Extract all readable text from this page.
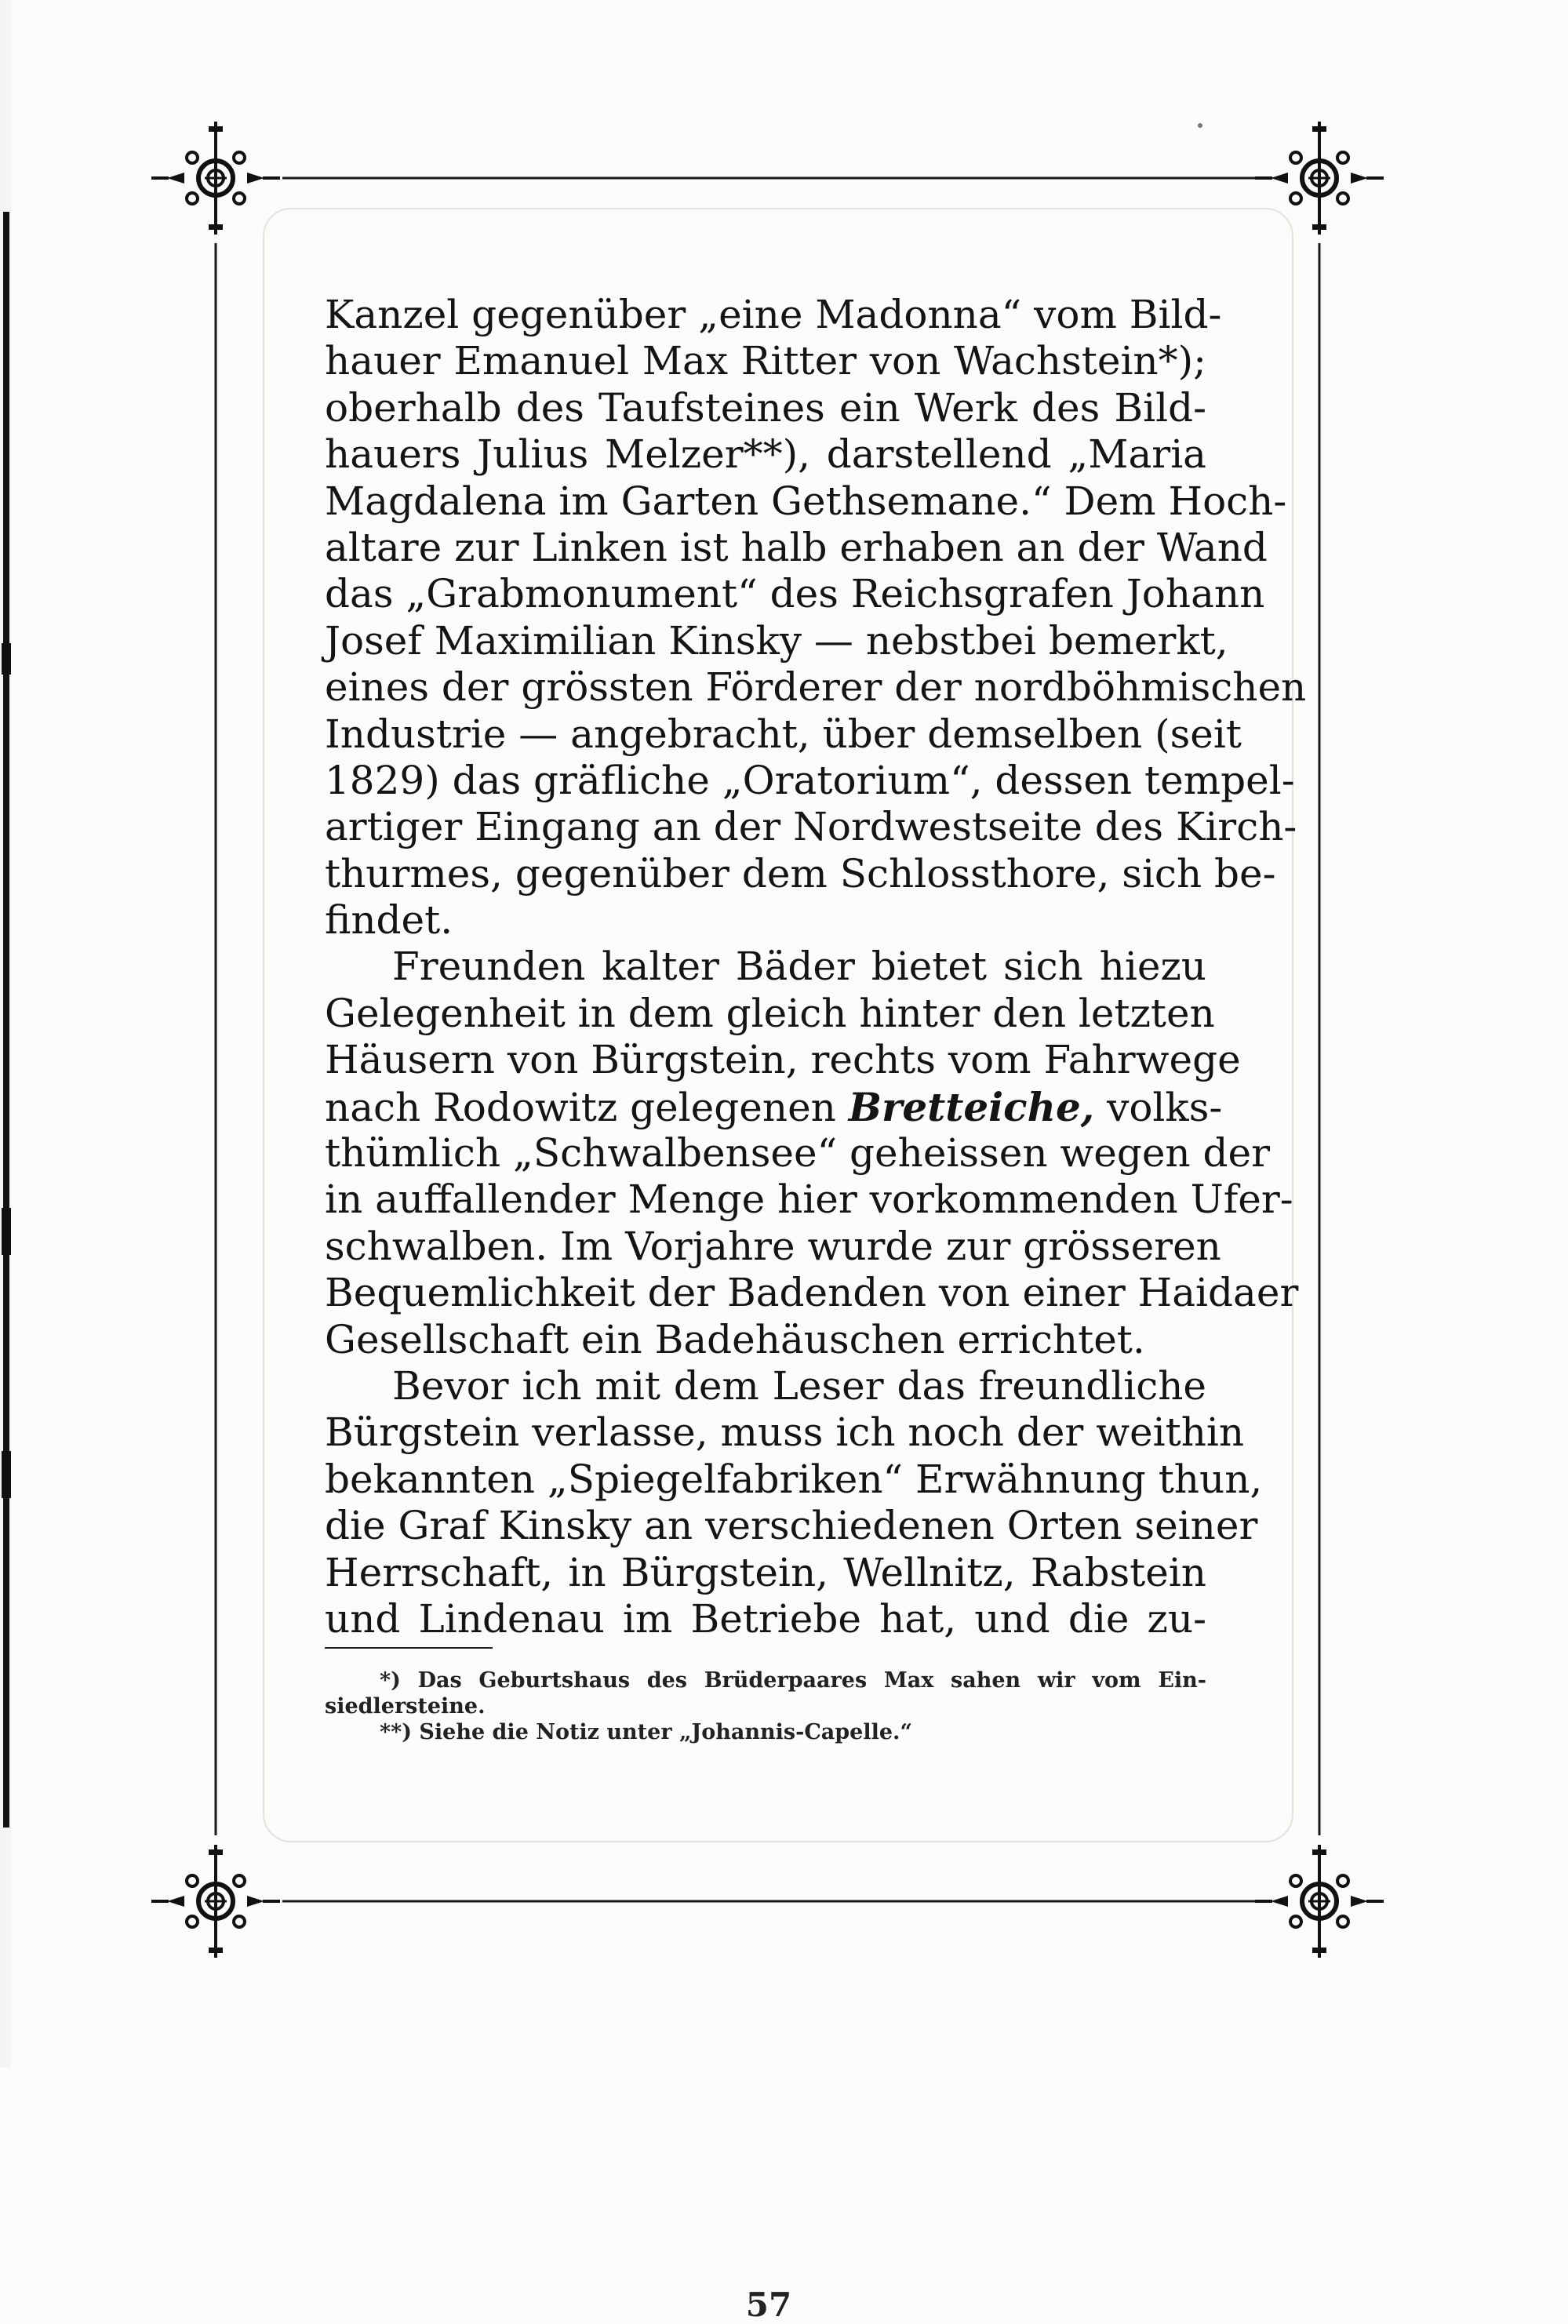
Kanzel gegenüber „eine Madonna“ vom Bild-
hauer Emanuel Max Ritter von Wachstein*);
oberhalb des Taufsteines ein Werk des Bild-
hauers Julius Melzer**), darstellend „Maria
Magdalena im Garten Gethsemane.“ Dem Hoch-
altare zur Linken ist halb erhaben an der Wand
das „Grabmonument“ des Reichsgrafen Johann
Josef Maximilian Kinsky — nebstbei bemerkt,
eines der grössten Förderer der nordböhmischen
Industrie — angebracht, über demselben (seit
1829) das gräfliche „Oratorium“, dessen tempel-
artiger Eingang an der Nordwestseite des Kirch-
thurmes, gegenüber dem Schlossthore, sich be-
findet.
Freunden kalter Bäder bietet sich hiezu
Gelegenheit in dem gleich hinter den letzten
Häusern von Bürgstein, rechts vom Fahrwege
nach Rodowitz gelegenen Bretteiche, volks-
thümlich „Schwalbensee“ geheissen wegen der
in auffallender Menge hier vorkommenden Ufer-
schwalben. Im Vorjahre wurde zur grösseren
Bequemlichkeit der Badenden von einer Haidaer
Gesellschaft ein Badehäuschen errichtet.
Bevor ich mit dem Leser das freundliche
Bürgstein verlasse, muss ich noch der weithin
bekannten „Spiegelfabriken“ Erwähnung thun,
die Graf Kinsky an verschiedenen Orten seiner
Herrschaft, in Bürgstein, Wellnitz, Rabstein
und Lindenau im Betriebe hat, und die zu-
*) Das Geburtshaus des Brüderpaares Max sahen wir vom Ein-
siedlersteine.
**) Siehe die Notiz unter „Johannis-Capelle.“
57
